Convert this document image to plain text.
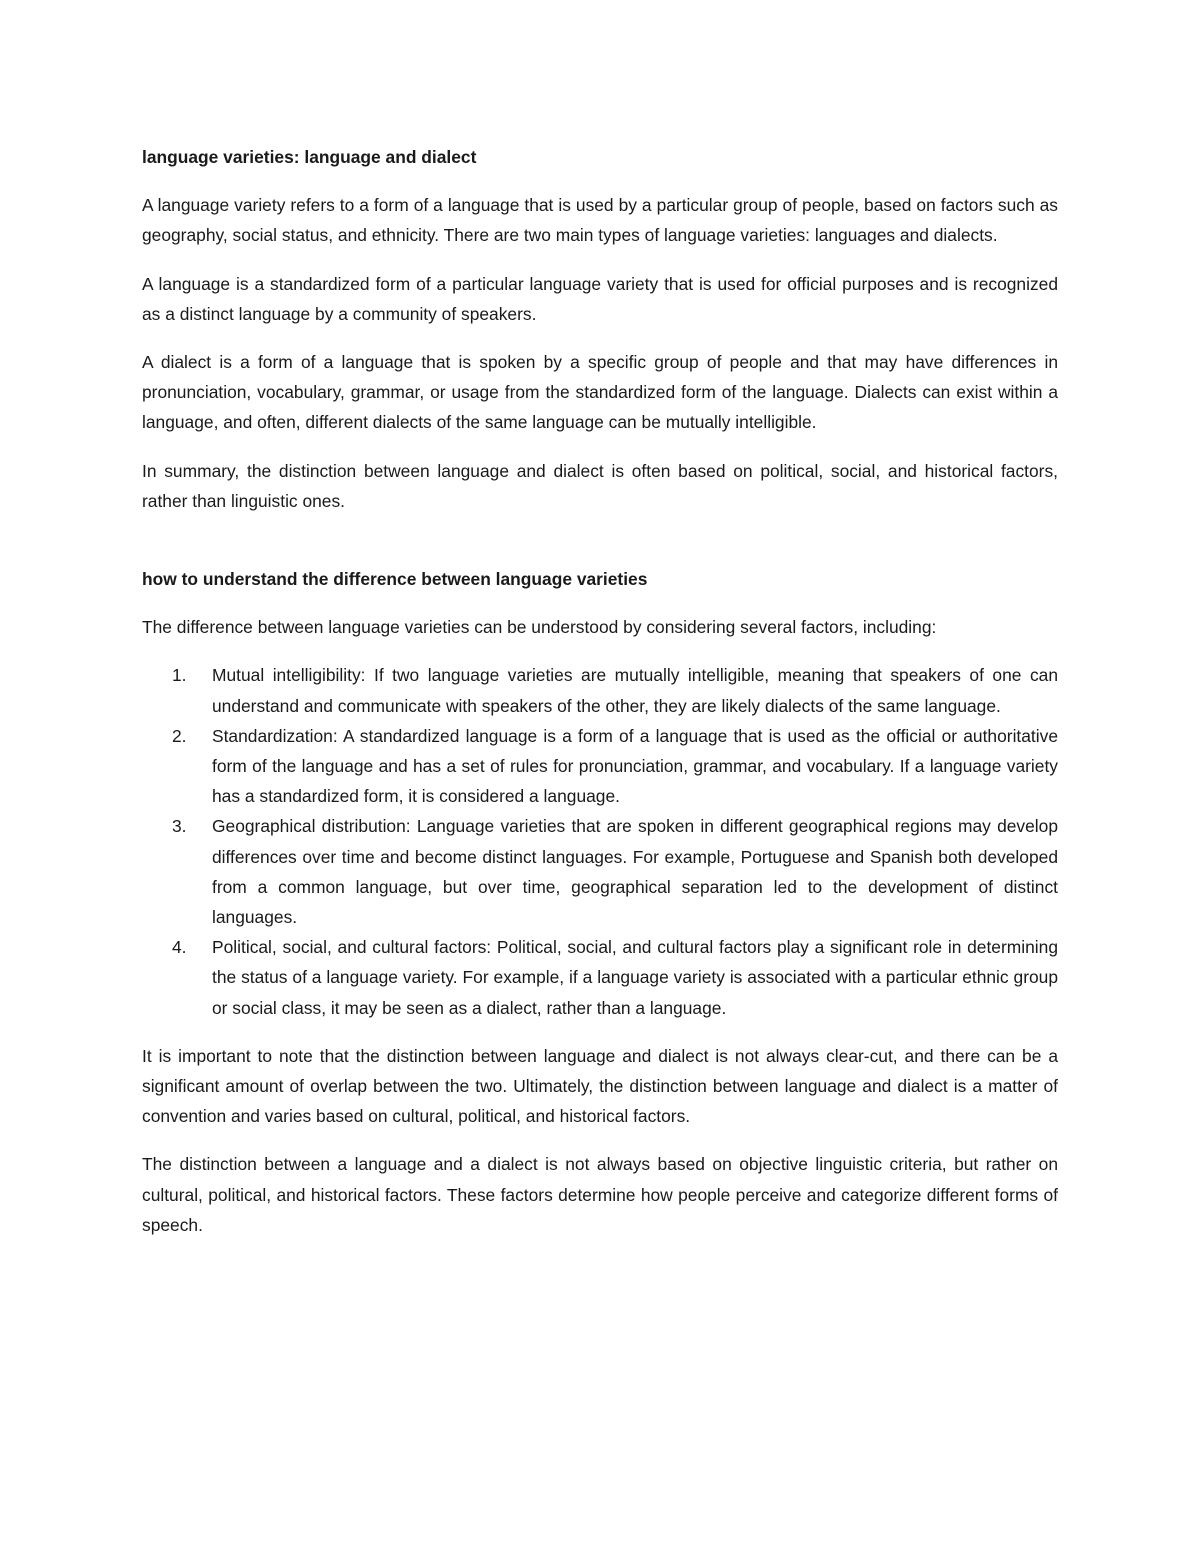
language varieties: language and dialect

A language variety refers to a form of a language that is used by a particular group of people, based on factors such as geography, social status, and ethnicity. There are two main types of language varieties: languages and dialects.

A language is a standardized form of a particular language variety that is used for official purposes and is recognized as a distinct language by a community of speakers.

A dialect is a form of a language that is spoken by a specific group of people and that may have differences in pronunciation, vocabulary, grammar, or usage from the standardized form of the language. Dialects can exist within a language, and often, different dialects of the same language can be mutually intelligible.

In summary, the distinction between language and dialect is often based on political, social, and historical factors, rather than linguistic ones.

how to understand the difference between language varieties

The difference between language varieties can be understood by considering several factors, including:

1.	Mutual intelligibility: If two language varieties are mutually intelligible, meaning that speakers of one can understand and communicate with speakers of the other, they are likely dialects of the same language.
2.	Standardization: A standardized language is a form of a language that is used as the official or authoritative form of the language and has a set of rules for pronunciation, grammar, and vocabulary. If a language variety has a standardized form, it is considered a language.
3.	Geographical distribution: Language varieties that are spoken in different geographical regions may develop differences over time and become distinct languages. For example, Portuguese and Spanish both developed from a common language, but over time, geographical separation led to the development of distinct languages.
4.	Political, social, and cultural factors: Political, social, and cultural factors play a significant role in determining the status of a language variety. For example, if a language variety is associated with a particular ethnic group or social class, it may be seen as a dialect, rather than a language.

It is important to note that the distinction between language and dialect is not always clear-cut, and there can be a significant amount of overlap between the two. Ultimately, the distinction between language and dialect is a matter of convention and varies based on cultural, political, and historical factors.

The distinction between a language and a dialect is not always based on objective linguistic criteria, but rather on cultural, political, and historical factors. These factors determine how people perceive and categorize different forms of speech.
